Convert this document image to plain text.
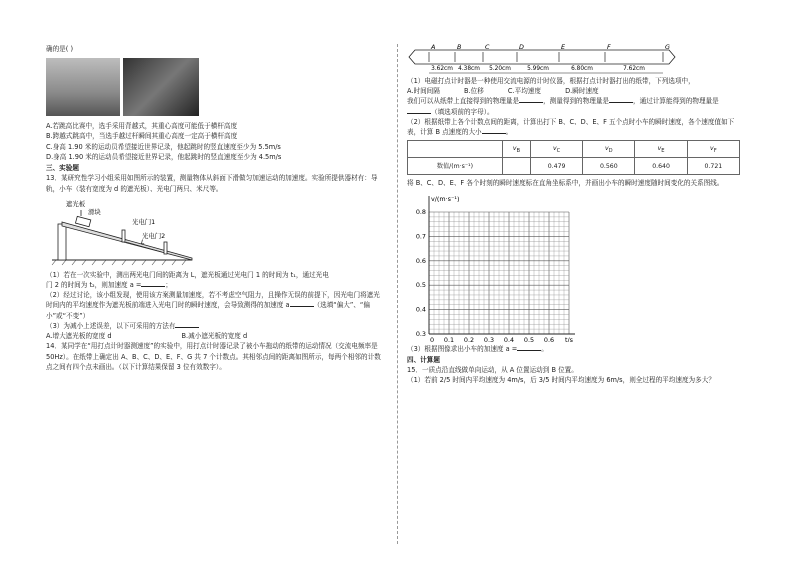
确的是( )

A.若跳高比赛中，选手采用背越式，其重心高度可能低于横杆高度

B.跨越式跳高中，当选手越过杆瞬间其重心高度一定高于横杆高度

C.身高 1.90 米的运动员希望接近世界记录，他起跳时的竖直速度至少为 5.5m/s

D.身高 1.90 米的运动员希望接近世界记录，他起跳时的竖直速度至少为 4.5m/s

三、实验题

13．某研究性学习小组采用如图所示的装置，测量物体从斜面下滑做匀加速运动的加速度。实验所提供器材有：导轨，小车（装有宽度为 d 的遮光板）、光电门两只、米尺等。

遮光板
滑块
光电门1
L
光电门2

（1）若在一次实验中，测出两光电门间的距离为 L，遮光板通过光电门 1 的时间为 t₁，通过光电

门 2 的时间为 t₂，则加速度 a =	；

（2）经过讨论，该小组发现，使用该方案测量加速度，若不考虑空气阻力，且操作无误的前提下，因光电门将遮光时间内的平均速度作为遮光板前端进入光电门时的瞬时速度，会导致测得的加速度 a	（选填“偏大”、“偏小”或“不变”）

（3）为减小上述误差，以下可采用的方法有

A.增大遮光板的宽度 d	B.减小遮光板的宽度 d

14．某同学在“用打点计时器测速度”的实验中，用打点计时器记录了被小车拖动的纸带的运动情况（交流电频率是 50Hz）。在纸带上确定出 A、B、C、D、E、F、G 共 7 个计数点。其相邻点间的距离如图所示，每两个相邻的计数点之间有四个点未画出。（以下计算结果保留 3 位有效数字）。

A	B	C	D	E	F	G
3.62cm 4.38cm 5.20cm	5.99cm	6.80cm	7.62cm

（1）电磁打点计时器是一种使用交流电源的计时仪器，根据打点计时器打出的纸带，下列选项中，

A.时间间隔	B.位移	C.平均速度	D.瞬时速度

我们可以从纸带上直接得到的物理量是	，测量得到的物理量是	，通过计算能得到的物理量是

（填选项前的字母）。

（2）根据纸带上各个计数点间的距离，计算出打下 B、C、D、E、F 五个点时小车的瞬时速度，各个速度值如下表，计算 B 点速度的大小	。

	$v_B$	$v_C$	$v_D$	$v_E$	$v_F$
数值/(m·s⁻¹)		0.479	0.560	0.640	0.721

将 B、C、D、E、F 各个时刻的瞬时速度标在直角坐标系中，并画出小车的瞬时速度随时间变化的关系图线。

v/(m·s⁻¹)
t/s
0.8
0.7
0.6
0.5
0.4
0.3
0 0.1 0.2 0.3 0.4 0.5 0.6

（3）根据图像求出小车的加速度 a =	。

四、计算题

15．一质点沿直线做单向运动，从 A 位置运动到 B 位置。

（1）若前 2/5 时间内平均速度为 4m/s，后 3/5 时间内平均速度为 6m/s，则全过程的平均速度为多大？
